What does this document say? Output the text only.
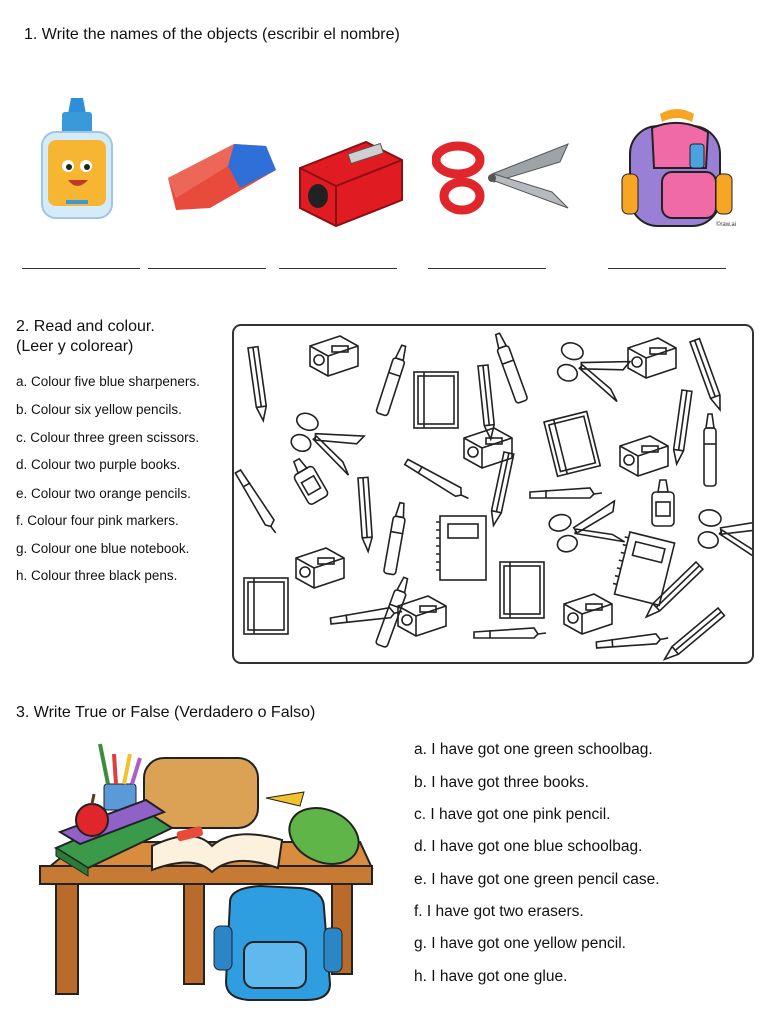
1. Write the names of the objects (escribir el nombre)
©raw.ai
2. Read and colour.
(Leer y colorear)
a. Colour five blue sharpeners.
b. Colour six yellow pencils.
c. Colour three green scissors.
d. Colour two purple books.
e. Colour two orange pencils.
f. Colour four pink markers.
g. Colour one blue notebook.
h. Colour three black pens.
3. Write True or False (Verdadero o Falso)
a. I have got one green schoolbag.
b. I have got three books.
c. I have got one pink pencil.
d. I have got one blue schoolbag.
e. I have got one green pencil case.
f. I have got two erasers.
g. I have got one yellow pencil.
h. I have got one glue.
